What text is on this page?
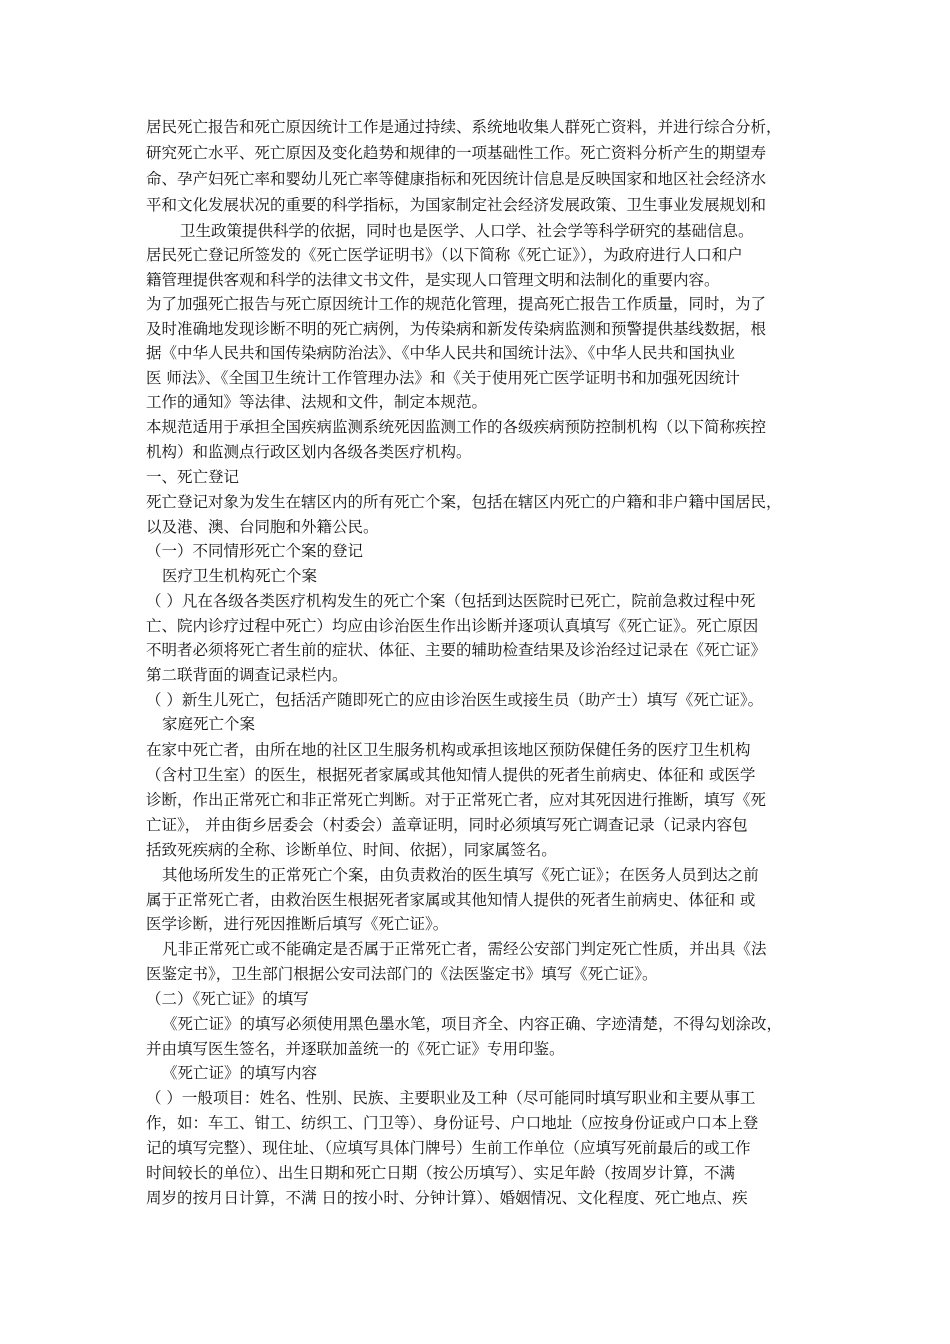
居民死亡报告和死亡原因统计工作是通过持续、系统地收集人群死亡资料，并进行综合分析，
研究死亡水平、死亡原因及变化趋势和规律的一项基础性工作。死亡资料分析产生的期望寿
命、孕产妇死亡率和婴幼儿死亡率等健康指标和死因统计信息是反映国家和地区社会经济水
平和文化发展状况的重要的科学指标，为国家制定社会经济发展政策、卫生事业发展规划和
卫生政策提供科学的依据，同时也是医学、人口学、社会学等科学研究的基础信息。
居民死亡登记所签发的《死亡医学证明书》（以下简称《死亡证》），为政府进行人口和户
籍管理提供客观和科学的法律文书文件，是实现人口管理文明和法制化的重要内容。
为了加强死亡报告与死亡原因统计工作的规范化管理，提高死亡报告工作质量，同时，为了
及时准确地发现诊断不明的死亡病例，为传染病和新发传染病监测和预警提供基线数据，根
据《中华人民共和国传染病防治法》、《中华人民共和国统计法》、《中华人民共和国执业
医 师法》、《全国卫生统计工作管理办法》和《关于使用死亡医学证明书和加强死因统计
工作的通知》等法律、法规和文件，制定本规范。
本规范适用于承担全国疾病监测系统死因监测工作的各级疾病预防控制机构（以下简称疾控
机构）和监测点行政区划内各级各类医疗机构。
一、死亡登记
死亡登记对象为发生在辖区内的所有死亡个案，包括在辖区内死亡的户籍和非户籍中国居民，
以及港、澳、台同胞和外籍公民。
（一）不同情形死亡个案的登记
医疗卫生机构死亡个案
（ ）凡在各级各类医疗机构发生的死亡个案（包括到达医院时已死亡，院前急救过程中死
亡、院内诊疗过程中死亡）均应由诊治医生作出诊断并逐项认真填写《死亡证》。死亡原因
不明者必须将死亡者生前的症状、体征、主要的辅助检查结果及诊治经过记录在《死亡证》
第二联背面的调查记录栏内。
（ ）新生儿死亡，包括活产随即死亡的应由诊治医生或接生员（助产士）填写《死亡证》。
家庭死亡个案
在家中死亡者，由所在地的社区卫生服务机构或承担该地区预防保健任务的医疗卫生机构
（含村卫生室）的医生，根据死者家属或其他知情人提供的死者生前病史、体征和 或医学
诊断，作出正常死亡和非正常死亡判断。对于正常死亡者，应对其死因进行推断，填写《死
亡证》， 并由街乡居委会（村委会）盖章证明，同时必须填写死亡调查记录（记录内容包
括致死疾病的全称、诊断单位、时间、依据），同家属签名。
其他场所发生的正常死亡个案，由负责救治的医生填写《死亡证》；在医务人员到达之前
属于正常死亡者，由救治医生根据死者家属或其他知情人提供的死者生前病史、体征和 或
医学诊断，进行死因推断后填写《死亡证》。
凡非正常死亡或不能确定是否属于正常死亡者，需经公安部门判定死亡性质，并出具《法
医鉴定书》，卫生部门根据公安司法部门的《法医鉴定书》填写《死亡证》。
（二）《死亡证》的填写
《死亡证》的填写必须使用黑色墨水笔，项目齐全、内容正确、字迹清楚，不得勾划涂改，
并由填写医生签名，并逐联加盖统一的《死亡证》专用印鉴。
《死亡证》的填写内容
（ ）一般项目：姓名、性别、民族、主要职业及工种（尽可能同时填写职业和主要从事工
作，如：车工、钳工、纺织工、门卫等）、身份证号、户口地址（应按身份证或户口本上登
记的填写完整）、现住址、（应填写具体门牌号）生前工作单位（应填写死前最后的或工作
时间较长的单位）、出生日期和死亡日期（按公历填写）、实足年龄（按周岁计算，不满
周岁的按月日计算，不满 日的按小时、分钟计算）、婚姻情况、文化程度、死亡地点、疾
